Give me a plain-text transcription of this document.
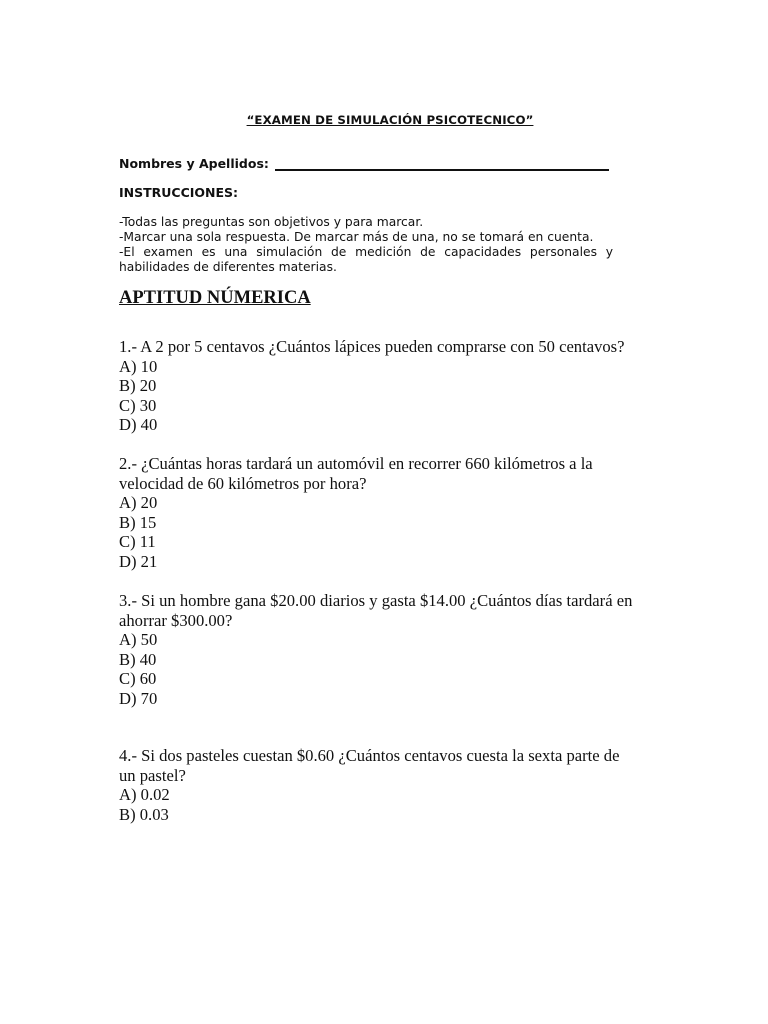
“EXAMEN DE SIMULACIÓN PSICOTECNICO”
Nombres y Apellidos:
INSTRUCCIONES:
-Todas las preguntas son objetivos y para marcar.
-Marcar una sola respuesta. De marcar más de una, no se tomará en cuenta.
-El examen es una simulación de medición de capacidades personales y
habilidades de diferentes materias.
APTITUD NÚMERICA
1.- A 2 por 5 centavos ¿Cuántos lápices pueden comprarse con 50 centavos?
A) 10
B) 20
C) 30
D) 40
2.- ¿Cuántas horas tardará un automóvil en recorrer 660 kilómetros a la
velocidad de 60 kilómetros por hora?
A) 20
B) 15
C) 11
D) 21
3.- Si un hombre gana $20.00 diarios y gasta $14.00 ¿Cuántos días tardará en
ahorrar $300.00?
A) 50
B) 40
C) 60
D) 70
4.- Si dos pasteles cuestan $0.60 ¿Cuántos centavos cuesta la sexta parte de
un pastel?
A) 0.02
B) 0.03
